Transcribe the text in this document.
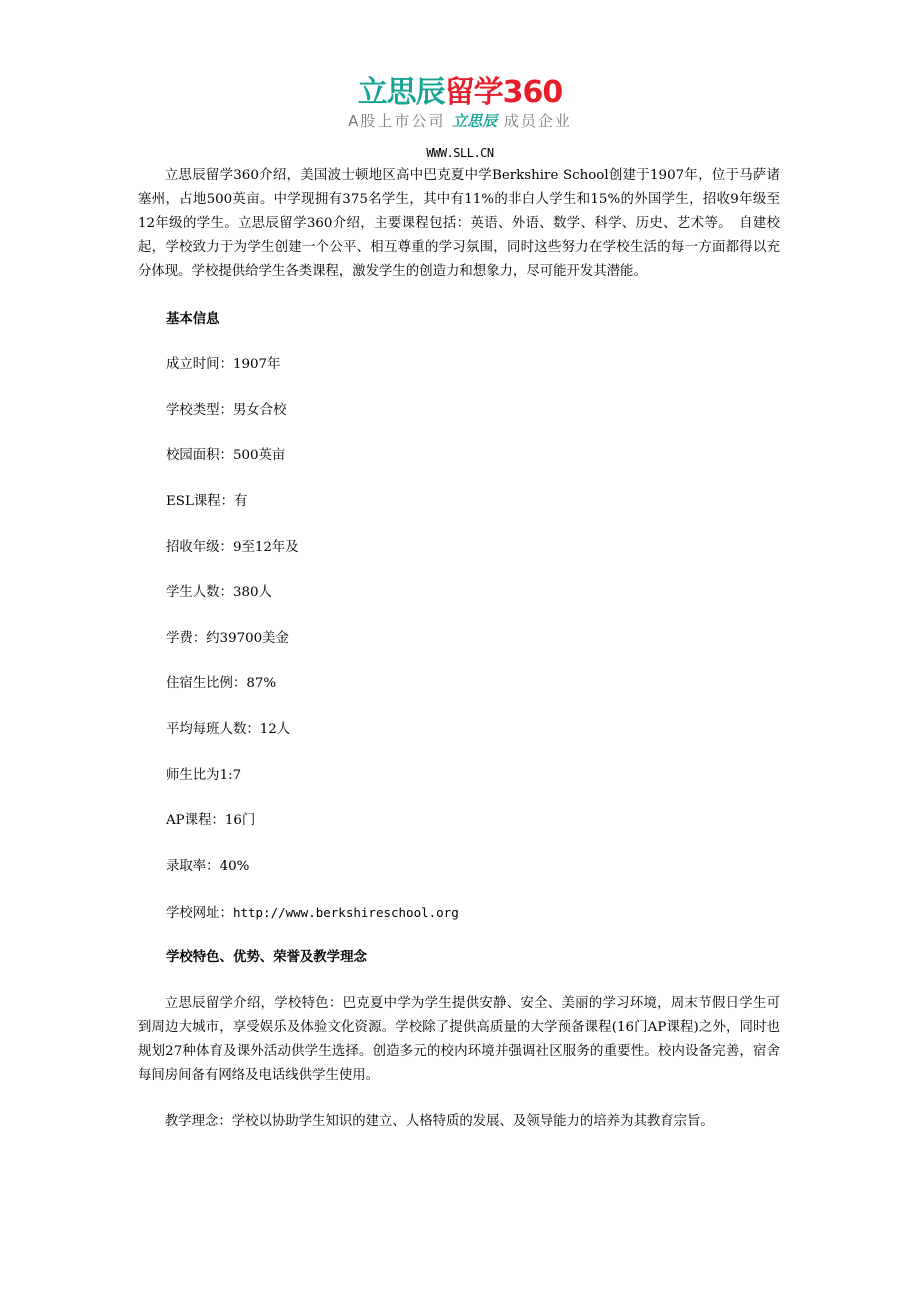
立思辰留学360
A股上市公司 立思辰 成员企业
WWW.SLL.CN

立思辰留学360介绍，美国波士顿地区高中巴克夏中学Berkshire School创建于1907年，位于马萨诸塞州，占地500英亩。中学现拥有375名学生，其中有11%的非白人学生和15%的外国学生，招收9年级至12年级的学生。立思辰留学360介绍，主要课程包括：英语、外语、数学、科学、历史、艺术等。　自建校起，学校致力于为学生创建一个公平、相互尊重的学习氛围，同时这些努力在学校生活的每一方面都得以充分体现。学校提供给学生各类课程，激发学生的创造力和想象力，尽可能开发其潜能。

基本信息
成立时间：1907年
学校类型：男女合校
校园面积：500英亩
ESL课程：有
招收年级：9至12年及
学生人数：380人
学费：约39700美金
住宿生比例：87%
平均每班人数：12人
师生比为1:7
AP课程：16门
录取率：40%
学校网址：http://www.berkshireschool.org
学校特色、优势、荣誉及教学理念

立思辰留学介绍，学校特色：巴克夏中学为学生提供安静、安全、美丽的学习环境，周末节假日学生可到周边大城市，享受娱乐及体验文化资源。学校除了提供高质量的大学预备课程(16门AP课程)之外，同时也规划27种体育及课外活动供学生选择。创造多元的校内环境并强调社区服务的重要性。校内设备完善，宿舍每间房间备有网络及电话线供学生使用。

教学理念：学校以协助学生知识的建立、人格特质的发展、及领导能力的培养为其教育宗旨。
